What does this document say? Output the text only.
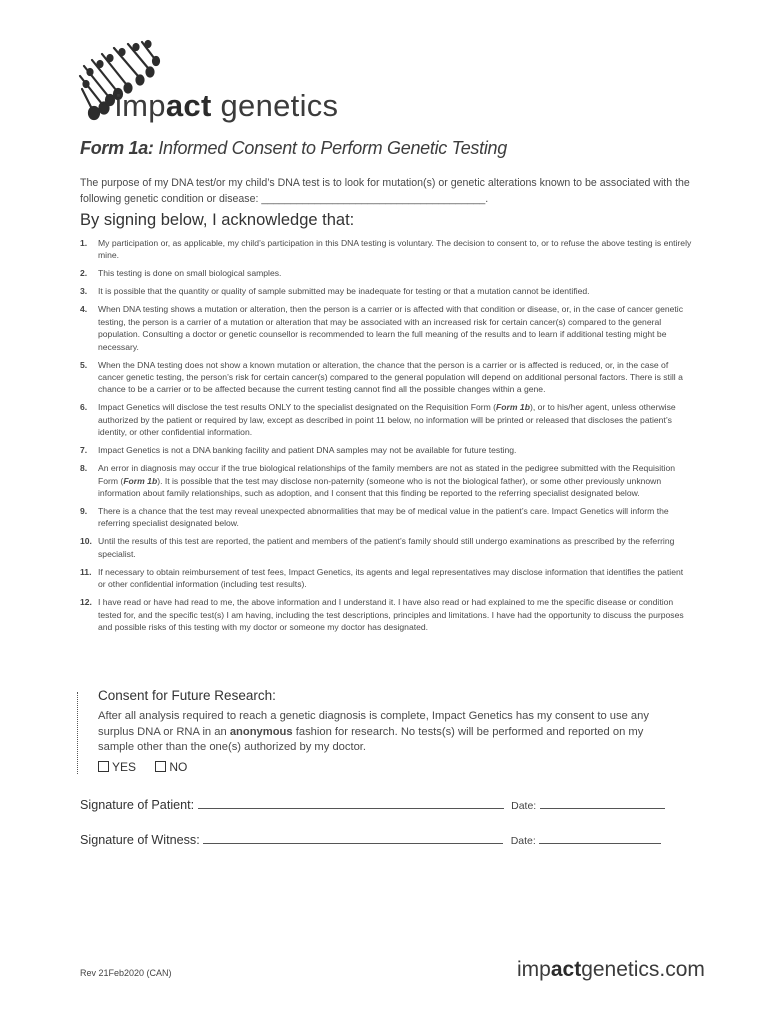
impact genetics
Form 1a: Informed Consent to Perform Genetic Testing
The purpose of my DNA test/or my child’s DNA test is to look for mutation(s) or genetic alterations known to be associated with the following genetic condition or disease: ______________________________________.
By signing below, I acknowledge that:
1. My participation or, as applicable, my child’s participation in this DNA testing is voluntary. The decision to consent to, or to refuse the above testing is entirely mine.
2. This testing is done on small biological samples.
3. It is possible that the quantity or quality of sample submitted may be inadequate for testing or that a mutation cannot be identified.
4. When DNA testing shows a mutation or alteration, then the person is a carrier or is affected with that condition or disease, or, in the case of cancer genetic testing, the person is a carrier of a mutation or alteration that may be associated with an increased risk for certain cancer(s) compared to the general population. Consulting a doctor or genetic counsellor is recommended to learn the full meaning of the results and to learn if additional testing might be necessary.
5. When the DNA testing does not show a known mutation or alteration, the chance that the person is a carrier or is affected is reduced, or, in the case of cancer genetic testing, the person’s risk for certain cancer(s) compared to the general population will depend on additional personal factors. There is still a chance to be a carrier or to be affected because the current testing cannot find all the possible changes within a gene.
6. Impact Genetics will disclose the test results ONLY to the specialist designated on the Requisition Form (Form 1b), or to his/her agent, unless otherwise authorized by the patient or required by law, except as described in point 11 below, no information will be printed or released that discloses the patient’s identity, or other confidential information.
7. Impact Genetics is not a DNA banking facility and patient DNA samples may not be available for future testing.
8. An error in diagnosis may occur if the true biological relationships of the family members are not as stated in the pedigree submitted with the Requisition Form (Form 1b). It is possible that the test may disclose non-paternity (someone who is not the biological father), or some other previously unknown information about family relationships, such as adoption, and I consent that this finding be reported to the referring specialist designated below.
9. There is a chance that the test may reveal unexpected abnormalities that may be of medical value in the patient’s care. Impact Genetics will inform the referring specialist designated below.
10. Until the results of this test are reported, the patient and members of the patient’s family should still undergo examinations as prescribed by the referring specialist.
11. If necessary to obtain reimbursement of test fees, Impact Genetics, its agents and legal representatives may disclose information that identifies the patient or other confidential information (including test results).
12. I have read or have had read to me, the above information and I understand it. I have also read or had explained to me the specific disease or condition tested for, and the specific test(s) I am having, including the test descriptions, principles and limitations. I have had the opportunity to discuss the purposes and possible risks of this testing with my doctor or someone my doctor has designated.
Consent for Future Research:
After all analysis required to reach a genetic diagnosis is complete, Impact Genetics has my consent to use any surplus DNA or RNA in an anonymous fashion for research. No tests(s) will be performed and reported on my sample other than the one(s) authorized by my doctor.
YES	NO
Signature of Patient:	Date:
Signature of Witness:	Date:
Rev 21Feb2020 (CAN)	impactgenetics.com
